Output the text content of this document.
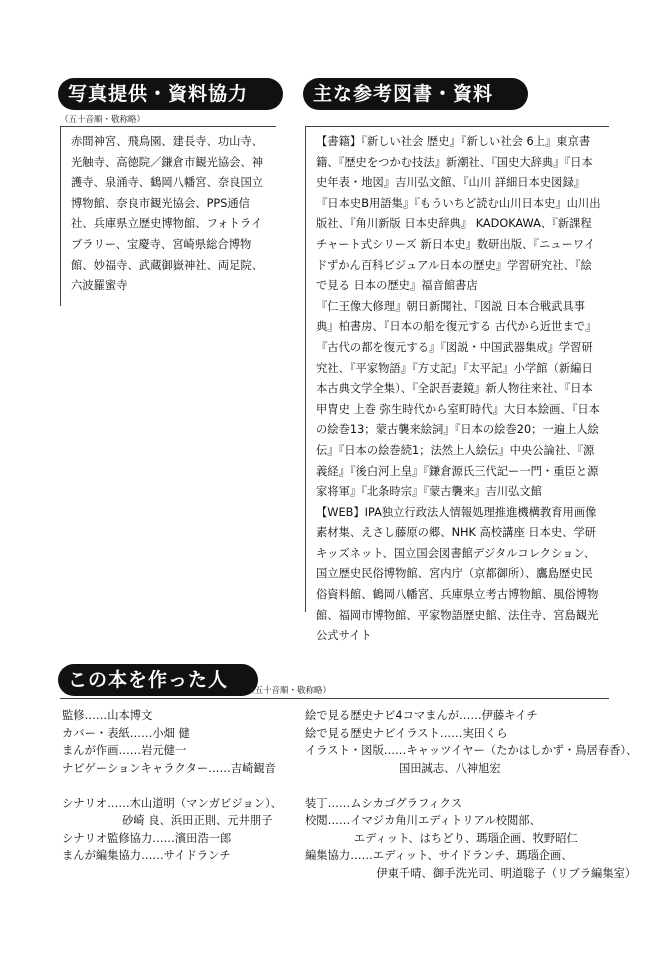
写真提供・資料協力
（五十音順・敬称略）

赤間神宮、飛鳥園、建長寺、功山寺、光触寺、高徳院／鎌倉市観光協会、神護寺、泉涌寺、鶴岡八幡宮、奈良国立博物館、奈良市観光協会、PPS通信社、兵庫県立歴史博物館、フォトライブラリー、宝慶寺、宮崎県総合博物館、妙福寺、武蔵御嶽神社、両足院、六波羅蜜寺

主な参考図書・資料

【書籍】『新しい社会 歴史』『新しい社会 6上』東京書籍、『歴史をつかむ技法』新潮社、『国史大辞典』『日本史年表・地図』吉川弘文館、『山川 詳細日本史図録』『日本史B用語集』『もういちど読む山川日本史』山川出版社、『角川新版 日本史辞典』 KADOKAWA、『新課程 チャート式シリーズ 新日本史』数研出版、『ニューワイドずかん百科ビジュアル日本の歴史』学習研究社、『絵で見る 日本の歴史』福音館書店

『仁王像大修理』朝日新聞社、『図説 日本合戦武具事典』柏書房、『日本の船を復元する 古代から近世まで』『古代の都を復元する』『図説・中国武器集成』学習研究社、『平家物語』『方丈記』『太平記』小学館（新編日本古典文学全集）、『全訳吾妻鏡』新人物往来社、『日本甲冑史 上巻 弥生時代から室町時代』大日本絵画、『日本の絵巻13；蒙古襲来絵詞』『日本の絵巻20；一遍上人絵伝』『日本の絵巻続1；法然上人絵伝』中央公論社、『源義経』『後白河上皇』『鎌倉源氏三代記ー一門・重臣と源家将軍』『北条時宗』『蒙古襲来』吉川弘文館

【WEB】IPA独立行政法人情報処理推進機構教育用画像素材集、えさし藤原の郷、NHK 高校講座 日本史、学研キッズネット、国立国会図書館デジタルコレクション、国立歴史民俗博物館、宮内庁（京都御所）、鷹島歴史民俗資料館、鶴岡八幡宮、兵庫県立考古博物館、風俗博物館、福岡市博物館、平家物語歴史館、法住寺、宮島観光公式サイト

この本を作った人	（五十音順・敬称略）
監修……山本博文
カバー・表紙……小畑 健
まんが作画……岩元健一
ナビゲーションキャラクター……吉崎観音
シナリオ……木山道明（マンガビジョン）、
　　　　　 砂崎 良、浜田正則、元井朋子
シナリオ監修協力……濱田浩一郎
まんが編集協力……サイドランチ
絵で見る歴史ナビ4コマまんが……伊藤キイチ
絵で見る歴史ナビイラスト……実田くら
イラスト・図版……キャッツイヤー（たかはしかず・鳥居春香）、
　　　　　　　　 国田誠志、八神旭宏
装丁……ムシカゴグラフィクス
校閲……イマジカ角川エディトリアル校閲部、
　　　　 エディット、はちどり、瑪瑙企画、牧野昭仁
編集協力……エディット、サイドランチ、瑪瑙企画、
　　　　　　 伊東千晴、御手洗光司、明道聡子（リブラ編集室）
